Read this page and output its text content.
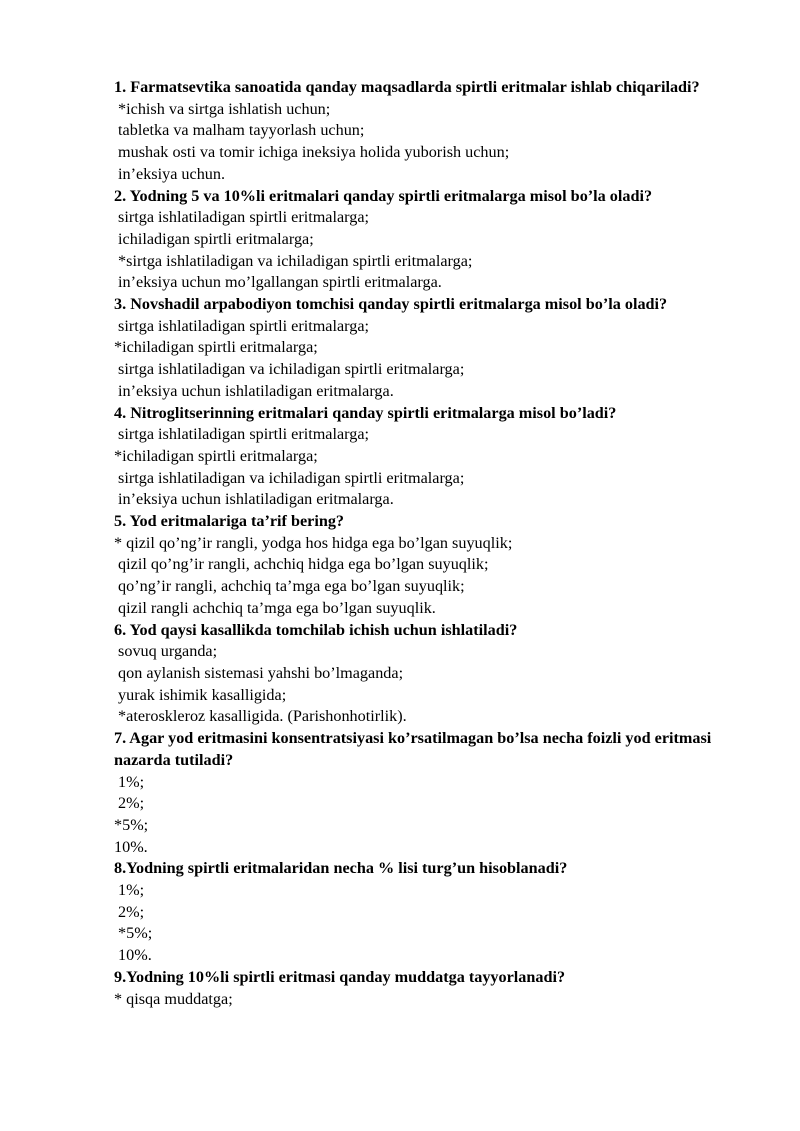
1. Farmatsevtika sanoatida qanday maqsadlarda spirtli eritmalar ishlab chiqariladi?

*ichish va sirtga ishlatish uchun;

tabletka va malham tayyorlash uchun;

mushak osti va tomir ichiga ineksiya holida yuborish uchun;

in’eksiya uchun.

2. Yodning 5 va 10%li eritmalari qanday spirtli eritmalarga misol bo’la oladi?

sirtga ishlatiladigan spirtli eritmalarga;

ichiladigan spirtli eritmalarga;

*sirtga ishlatiladigan va ichiladigan spirtli eritmalarga;

in’eksiya uchun mo’lgallangan spirtli eritmalarga.

3. Novshadil arpabodiyon tomchisi qanday spirtli eritmalarga misol bo’la oladi?

sirtga ishlatiladigan spirtli eritmalarga;

*ichiladigan spirtli eritmalarga;

sirtga ishlatiladigan va ichiladigan spirtli eritmalarga;

in’eksiya uchun ishlatiladigan eritmalarga.

4. Nitroglitserinning eritmalari qanday spirtli eritmalarga misol bo’ladi?

sirtga ishlatiladigan spirtli eritmalarga;

*ichiladigan spirtli eritmalarga;

sirtga ishlatiladigan va ichiladigan spirtli eritmalarga;

in’eksiya uchun ishlatiladigan eritmalarga.

5. Yod eritmalariga ta’rif bering?

* qizil qo’ng’ir rangli, yodga hos hidga ega bo’lgan suyuqlik;

qizil qo’ng’ir rangli, achchiq hidga ega bo’lgan suyuqlik;

qo’ng’ir rangli, achchiq ta’mga ega bo’lgan suyuqlik;

qizil rangli achchiq ta’mga ega bo’lgan suyuqlik.

6. Yod qaysi kasallikda tomchilab ichish uchun ishlatiladi?

sovuq urganda;

qon aylanish sistemasi yahshi bo’lmaganda;

yurak ishimik kasalligida;

*ateroskleroz kasalligida. (Parishonhotirlik).

7. Agar yod eritmasini konsentratsiyasi ko’rsatilmagan bo’lsa necha foizli yod eritmasi nazarda tutiladi?

1%;

2%;

*5%;

10%.

8.Yodning spirtli eritmalaridan necha % lisi turg’un hisoblanadi?

1%;

2%;

*5%;

10%.

9.Yodning 10%li spirtli eritmasi qanday muddatga tayyorlanadi?

* qisqa muddatga;
